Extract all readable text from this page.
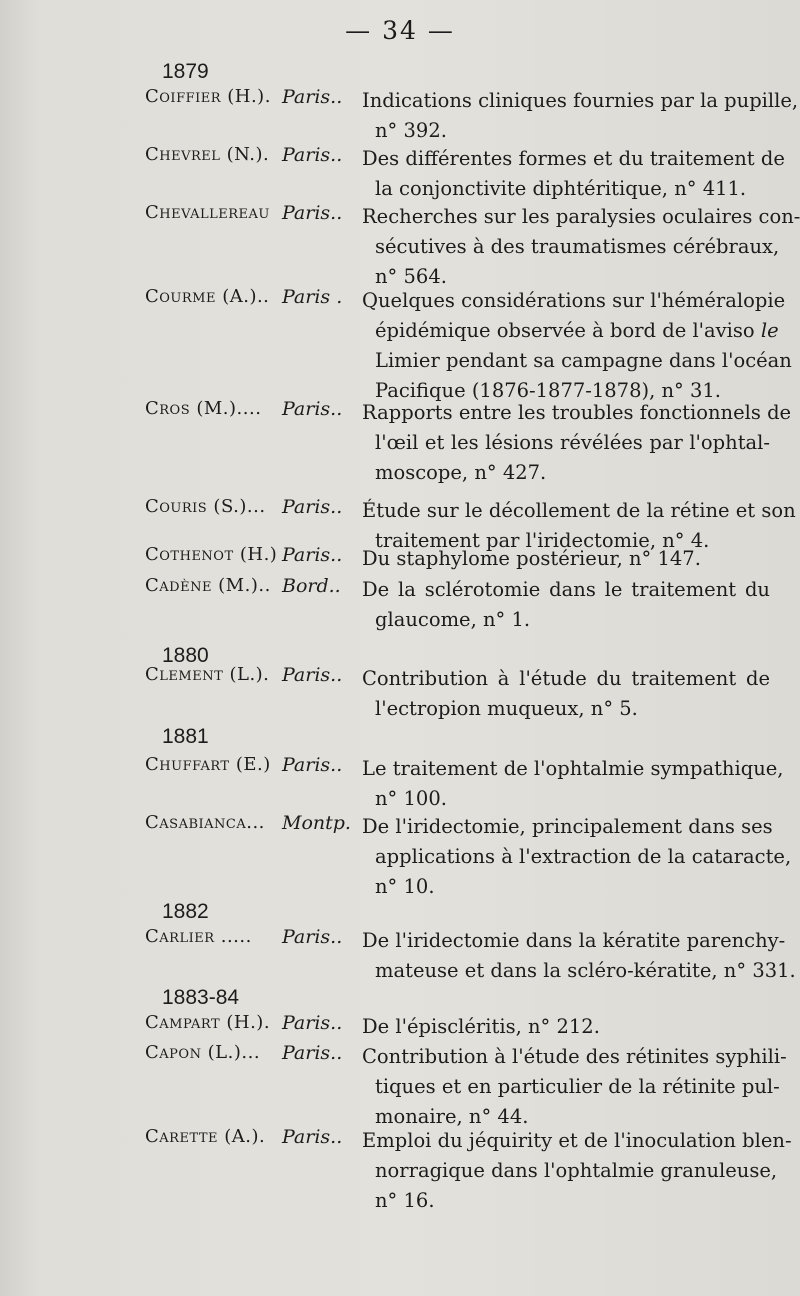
— 34 —
1879
Coiffier (H.). Paris.. Indications cliniques fournies par la pupille,
n° 392.
Chevrel (N.). Paris.. Des différentes formes et du traitement de
la conjonctivite diphtéritique, n° 411.
Chevallereau Paris.. Recherches sur les paralysies oculaires con-
sécutives à des traumatismes cérébraux,
n° 564.
Courme (A.).. Paris . Quelques considérations sur l'héméralopie
épidémique observée à bord de l'aviso le
Limier pendant sa campagne dans l'océan
Pacifique (1876-1877-1878), n° 31.
Cros (M.).... Paris.. Rapports entre les troubles fonctionnels de
l'œil et les lésions révélées par l'ophtal-
moscope, n° 427.
Couris (S.)... Paris.. Étude sur le décollement de la rétine et son
traitement par l'iridectomie, n° 4.
Cothenot (H.) Paris.. Du staphylome postérieur, n° 147.
Cadène (M.).. Bord.. De la sclérotomie dans le traitement du
glaucome, n° 1.
1880
Clement (L.). Paris.. Contribution à l'étude du traitement de
l'ectropion muqueux, n° 5.
1881
Chuffart (E.) Paris.. Le traitement de l'ophtalmie sympathique,
n° 100.
Casabianca... Montp. De l'iridectomie, principalement dans ses
applications à l'extraction de la cataracte,
n° 10.
1882
Carlier ..... Paris.. De l'iridectomie dans la kératite parenchy-
mateuse et dans la scléro-kératite, n° 331.
1883-84
Campart (H.). Paris.. De l'épiscléritis, n° 212.
Capon (L.)... Paris.. Contribution à l'étude des rétinites syphili-
tiques et en particulier de la rétinite pul-
monaire, n° 44.
Carette (A.). Paris.. Emploi du jéquirity et de l'inoculation blen-
norragique dans l'ophtalmie granuleuse,
n° 16.
